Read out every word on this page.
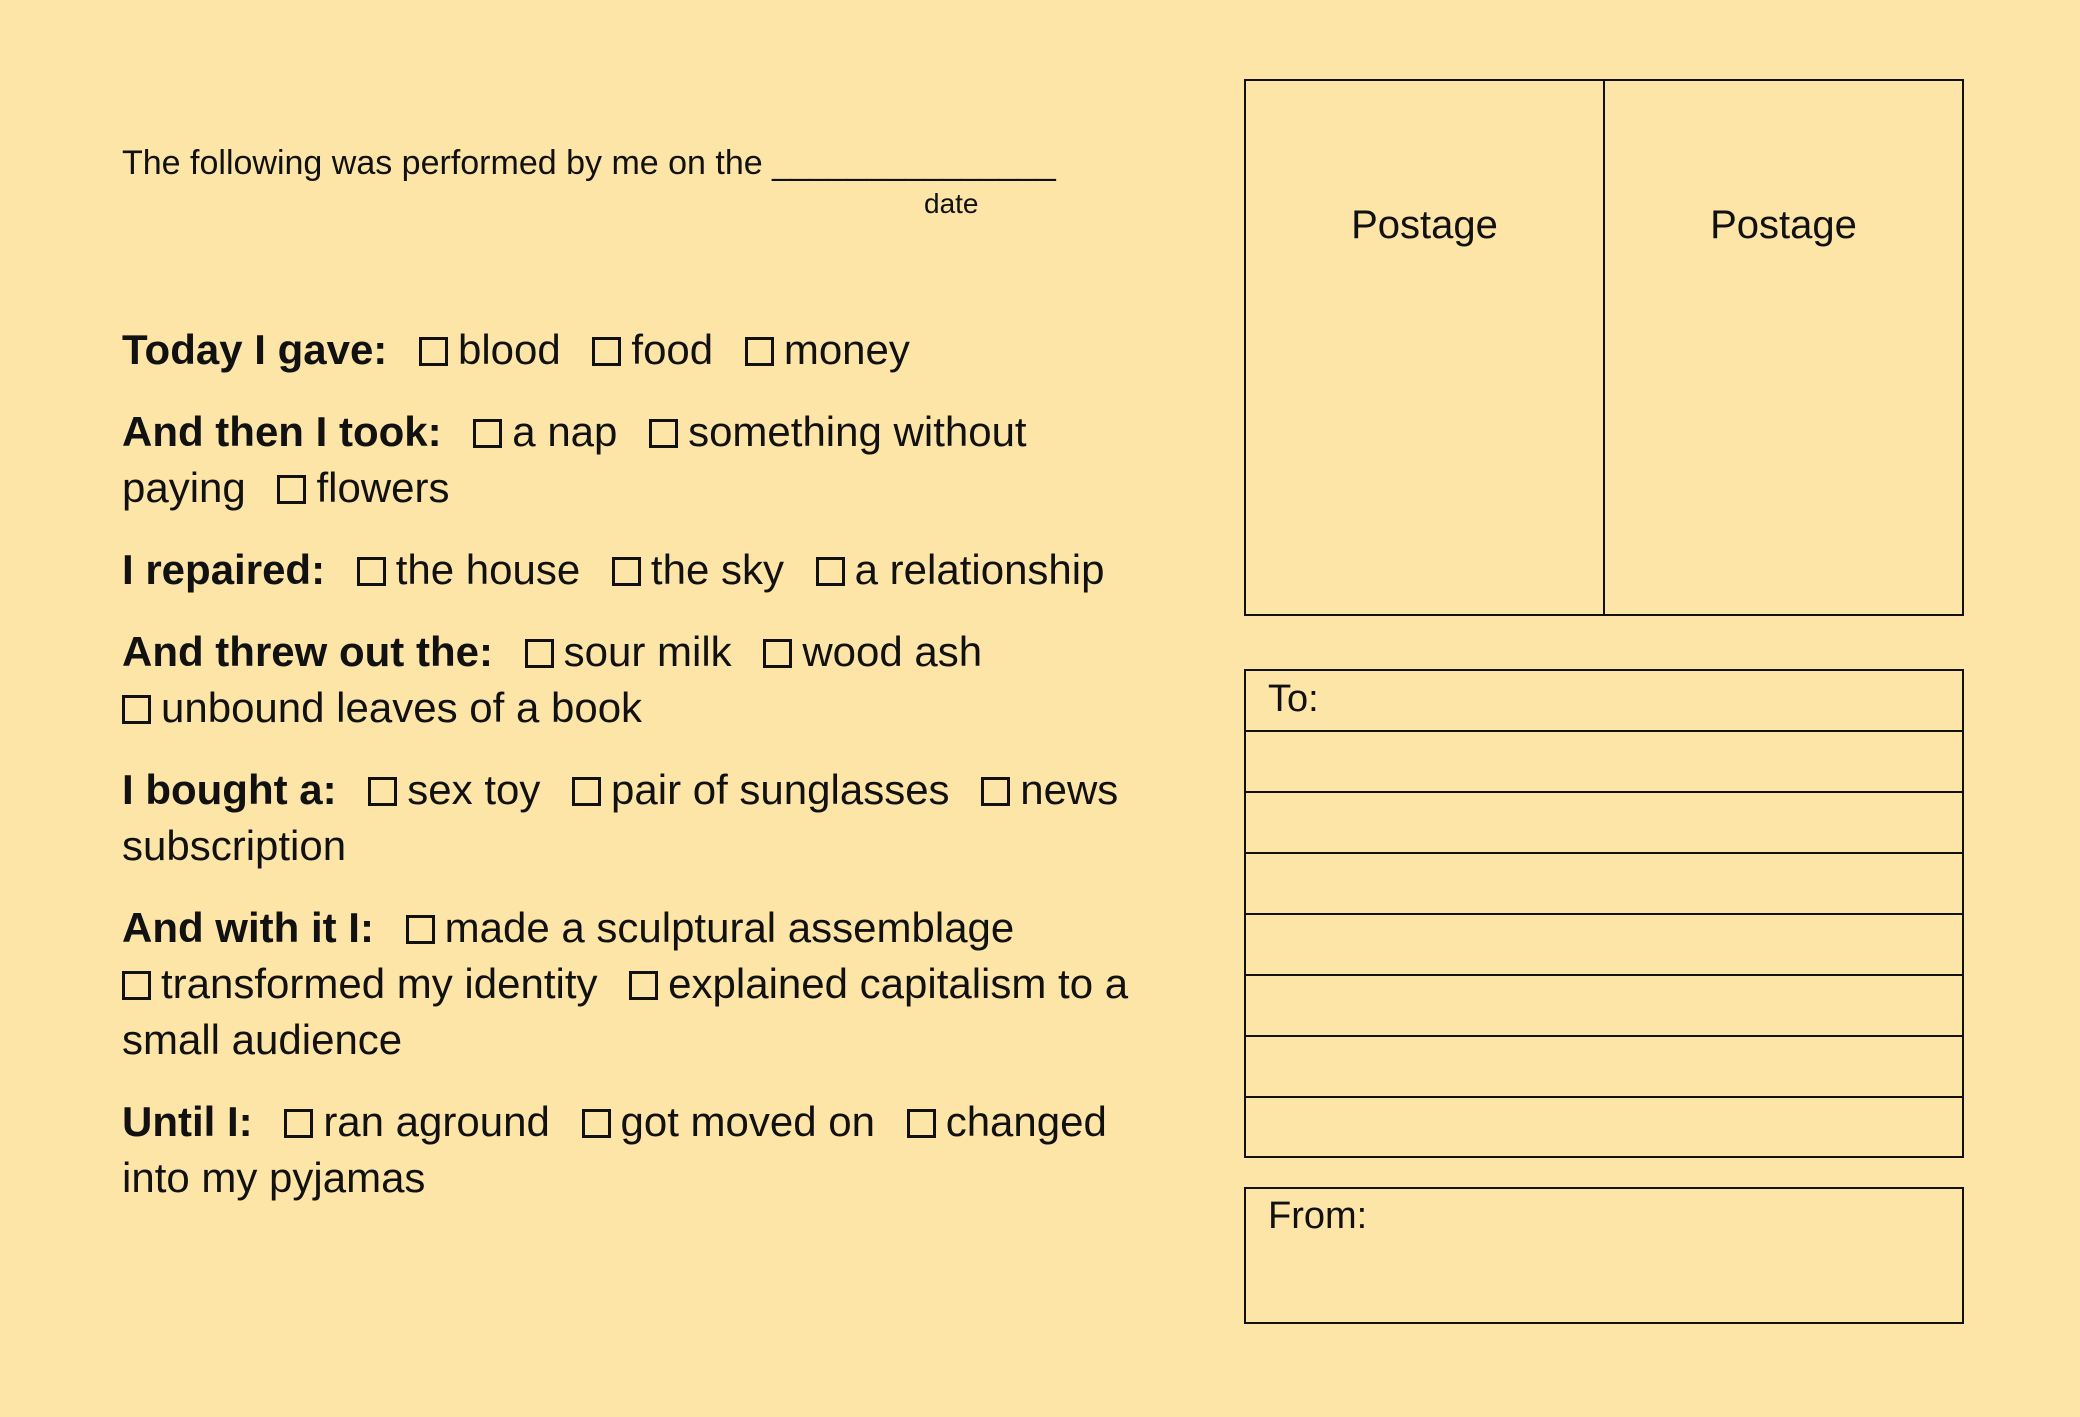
The following was performed by me on the _______________
date
Today I gave: blood food money
And then I took: a nap something without paying flowers
I repaired: the house the sky a relationship
And threw out the: sour milk wood ash
unbound leaves of a book
I bought a: sex toy pair of sunglasses news subscription
And with it I: made a sculptural assemblage
transformed my identity explained capitalism to a small audience
Until I: ran aground got moved on changed into my pyjamas
Postage	Postage
To:
From:
